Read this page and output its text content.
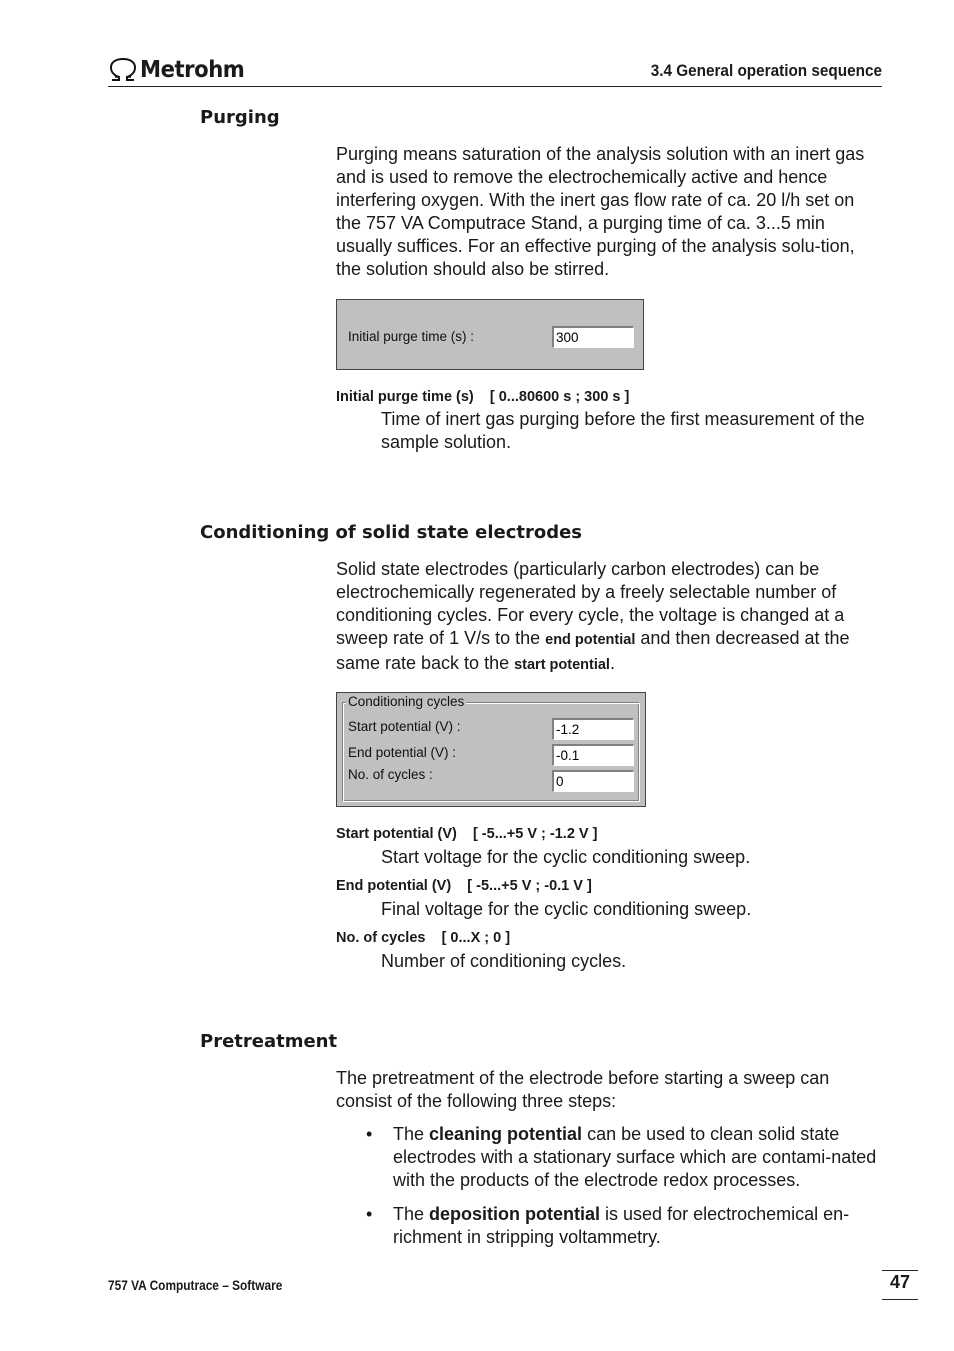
Metrohm	3.4 General operation sequence
Purging

Purging means saturation of the analysis solution with an inert gas and is used to remove the electrochemically active and hence interfering oxygen. With the inert gas flow rate of ca. 20 l/h set on the 757 VA Computrace Stand, a purging time of ca. 3...5 min usually suffices. For an effective purging of the analysis solu-tion, the solution should also be stirred.

Initial purge time (s) :	300
Initial purge time (s)    [ 0...80600 s ; 300 s ]

Time of inert gas purging before the first measurement of the sample solution.

Conditioning of solid state electrodes

Solid state electrodes (particularly carbon electrodes) can be electrochemically regenerated by a freely selectable number of conditioning cycles. For every cycle, the voltage is changed at a sweep rate of 1 V/s to the end potential and then decreased at the same rate back to the start potential.

Conditioning cycles
Start potential (V) :	-1.2
End potential (V) :	-0.1
No. of cycles :	0
Start potential (V)    [ -5...+5 V ; -1.2 V ]

Start voltage for the cyclic conditioning sweep.

End potential (V)    [ -5...+5 V ; -0.1 V ]

Final voltage for the cyclic conditioning sweep.

No. of cycles    [ 0...X ; 0 ]

Number of conditioning cycles.

Pretreatment

The pretreatment of the electrode before starting a sweep can consist of the following three steps:

• The cleaning potential can be used to clean solid state electrodes with a stationary surface which are contami-nated with the products of the electrode redox processes.

• The deposition potential is used for electrochemical en-richment in stripping voltammetry.

757 VA Computrace – Software	47
